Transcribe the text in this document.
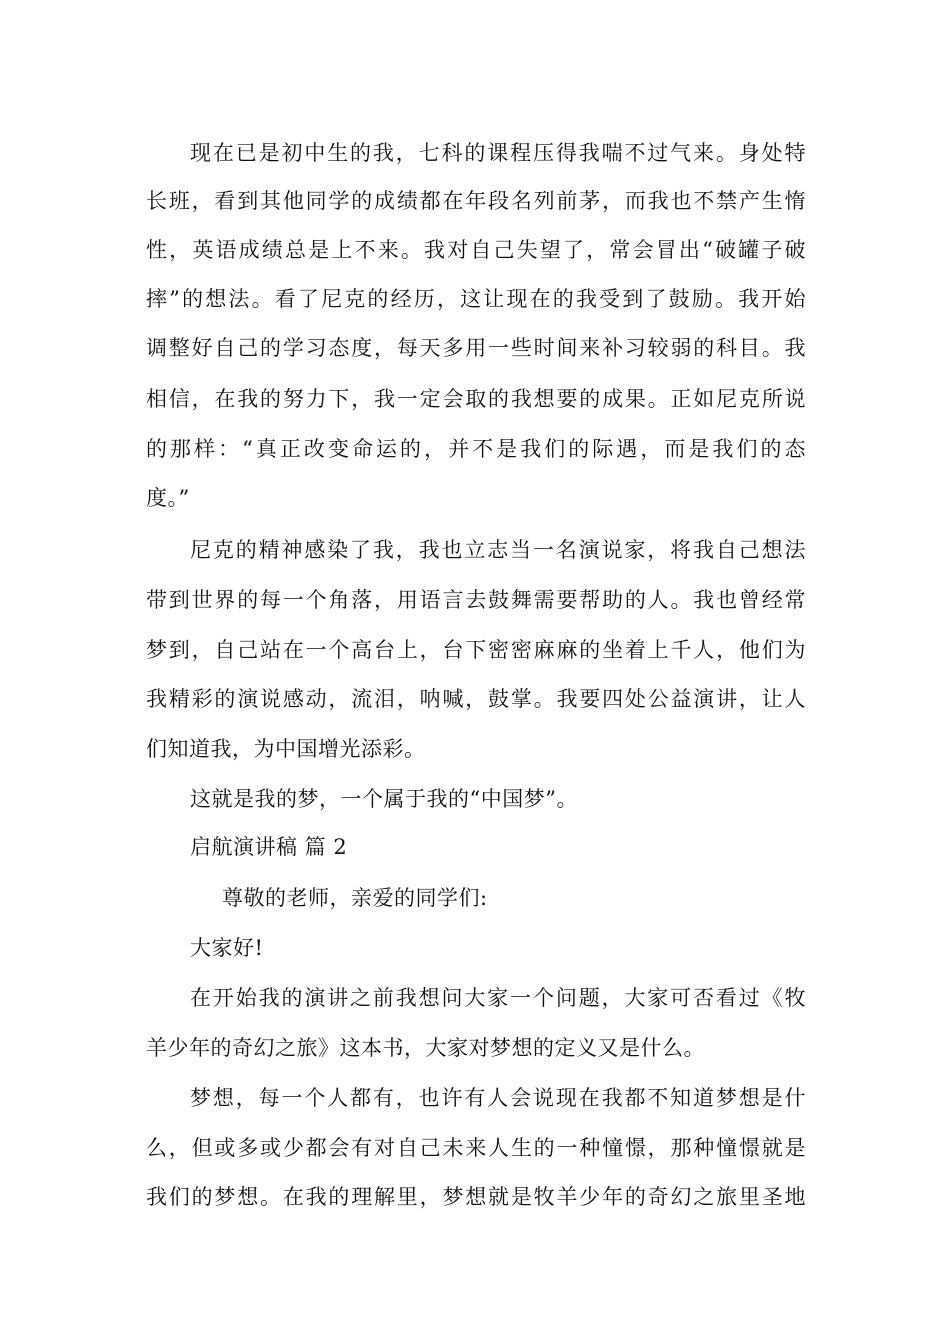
现在已是初中生的我，七科的课程压得我喘不过气来。身处特
长班，看到其他同学的成绩都在年段名列前茅，而我也不禁产生惰
性，英语成绩总是上不来。我对自己失望了，常会冒出“破罐子破
摔”的想法。看了尼克的经历，这让现在的我受到了鼓励。我开始
调整好自己的学习态度，每天多用一些时间来补习较弱的科目。我
相信，在我的努力下，我一定会取的我想要的成果。正如尼克所说
的那样：“真正改变命运的，并不是我们的际遇，而是我们的态
度。”
尼克的精神感染了我，我也立志当一名演说家，将我自己想法
带到世界的每一个角落，用语言去鼓舞需要帮助的人。我也曾经常
梦到，自己站在一个高台上，台下密密麻麻的坐着上千人，他们为
我精彩的演说感动，流泪，呐喊，鼓掌。我要四处公益演讲，让人
们知道我，为中国增光添彩。
这就是我的梦，一个属于我的“中国梦”。
启航演讲稿 篇 2
尊敬的老师，亲爱的同学们:
大家好!
在开始我的演讲之前我想问大家一个问题，大家可否看过《牧
羊少年的奇幻之旅》这本书，大家对梦想的定义又是什么。
梦想，每一个人都有，也许有人会说现在我都不知道梦想是什
么，但或多或少都会有对自己未来人生的一种憧憬，那种憧憬就是
我们的梦想。在我的理解里，梦想就是牧羊少年的奇幻之旅里圣地
